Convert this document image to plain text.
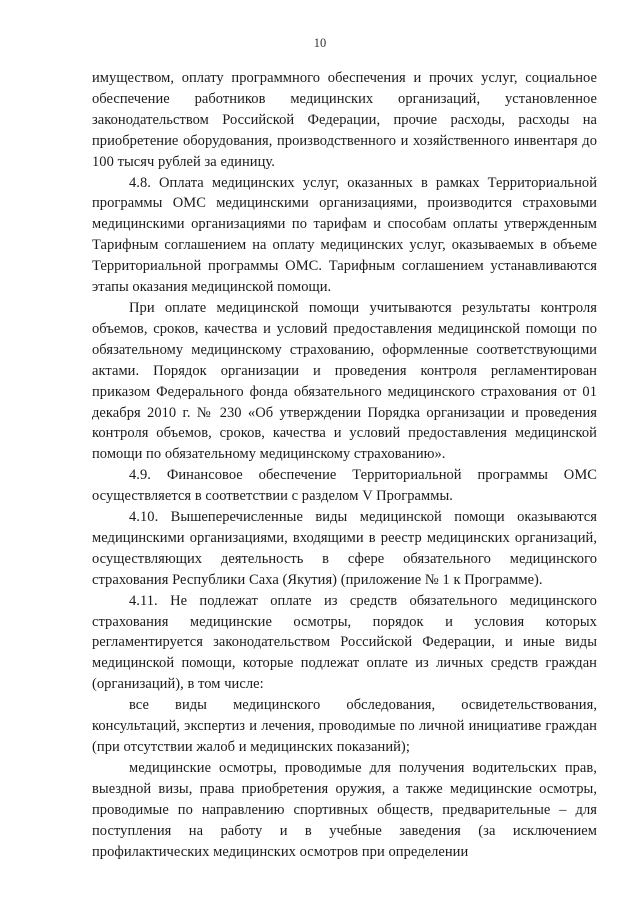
10

имуществом, оплату программного обеспечения и прочих услуг, социальное обеспечение работников медицинских организаций, установленное законодательством Российской Федерации, прочие расходы, расходы на приобретение оборудования, производственного и хозяйственного инвентаря до 100 тысяч рублей за единицу.

4.8. Оплата медицинских услуг, оказанных в рамках Территориальной программы ОМС медицинскими организациями, производится страховыми медицинскими организациями по тарифам и способам оплаты утвержденным Тарифным соглашением на оплату медицинских услуг, оказываемых в объеме Территориальной программы ОМС. Тарифным соглашением устанавливаются этапы оказания медицинской помощи.

При оплате медицинской помощи учитываются результаты контроля объемов, сроков, качества и условий предоставления медицинской помощи по обязательному медицинскому страхованию, оформленные соответствующими актами. Порядок организации и проведения контроля регламентирован приказом Федерального фонда обязательного медицинского страхования от 01 декабря 2010 г. № 230 «Об утверждении Порядка организации и проведения контроля объемов, сроков, качества и условий предоставления медицинской помощи по обязательному медицинскому страхованию».

4.9. Финансовое обеспечение Территориальной программы ОМС осуществляется в соответствии с разделом V Программы.

4.10. Вышеперечисленные виды медицинской помощи оказываются медицинскими организациями, входящими в реестр медицинских организаций, осуществляющих деятельность в сфере обязательного медицинского страхования Республики Саха (Якутия) (приложение № 1 к Программе).

4.11. Не подлежат оплате из средств обязательного медицинского страхования медицинские осмотры, порядок и условия которых регламентируется законодательством Российской Федерации, и иные виды медицинской помощи, которые подлежат оплате из личных средств граждан (организаций), в том числе:

все виды медицинского обследования, освидетельствования, консультаций, экспертиз и лечения, проводимые по личной инициативе граждан (при отсутствии жалоб и медицинских показаний);

медицинские осмотры, проводимые для получения водительских прав, выездной визы, права приобретения оружия, а также медицинские осмотры, проводимые по направлению спортивных обществ, предварительные – для поступления на работу и в учебные заведения (за исключением профилактических медицинских осмотров при определении
